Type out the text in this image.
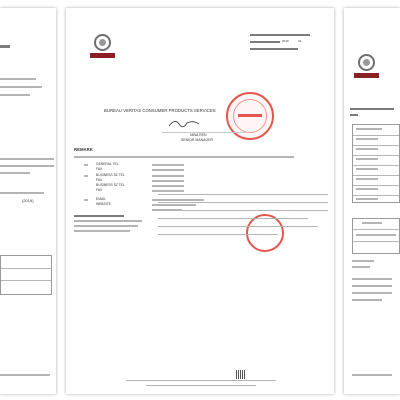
(2019)
2019	01
BUREAU VERITAS CONSUMER PRODUCTS SERVICES
NINA REN
SENIOR MANAGER
REMARK
GENERAL TEL
FAX
BUSINESS SZ TEL
FAX
BUSINESS SZ TEL
FAX
EMAIL
WEBSITE
